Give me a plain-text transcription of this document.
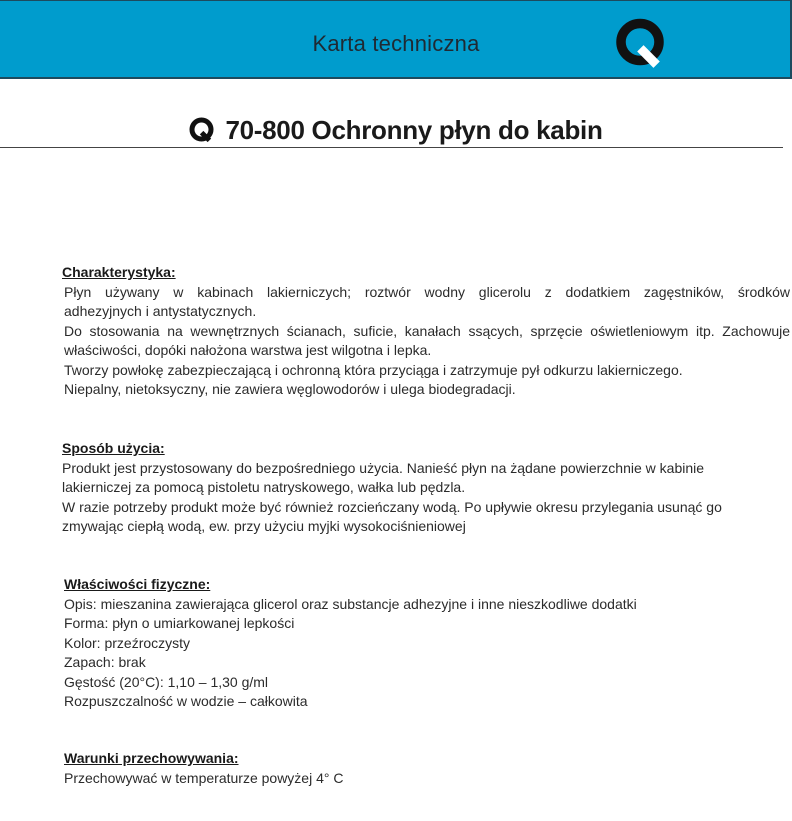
Karta techniczna
70-800 Ochronny płyn do kabin

Charakterystyka:

Płyn używany w kabinach lakierniczych; roztwór wodny glicerolu z dodatkiem zagęstników, środków

adhezyjnych i antystatycznych.

Do stosowania na wewnętrznych ścianach, suficie, kanałach ssących, sprzęcie oświetleniowym itp. Zachowuje

właściwości, dopóki nałożona warstwa jest wilgotna i lepka.

Tworzy powłokę zabezpieczającą i ochronną która przyciąga i zatrzymuje pył odkurzu lakierniczego.

Niepalny, nietoksyczny, nie zawiera węglowodorów i ulega biodegradacji.

Sposób użycia:

Produkt jest przystosowany do bezpośredniego użycia. Nanieść płyn na żądane powierzchnie w kabinie

lakierniczej za pomocą pistoletu natryskowego, wałka lub pędzla.

W razie potrzeby produkt może być również rozcieńczany wodą. Po upływie okresu przylegania usunąć go

zmywając ciepłą wodą, ew. przy użyciu myjki wysokociśnieniowej

Właściwości fizyczne:

Opis: mieszanina zawierająca glicerol oraz substancje adhezyjne i inne nieszkodliwe dodatki

Forma: płyn o umiarkowanej lepkości

Kolor: przeźroczysty

Zapach: brak

Gęstość (20°C): 1,10 – 1,30 g/ml

Rozpuszczalność w wodzie – całkowita

Warunki przechowywania:

Przechowywać w temperaturze powyżej 4° C
